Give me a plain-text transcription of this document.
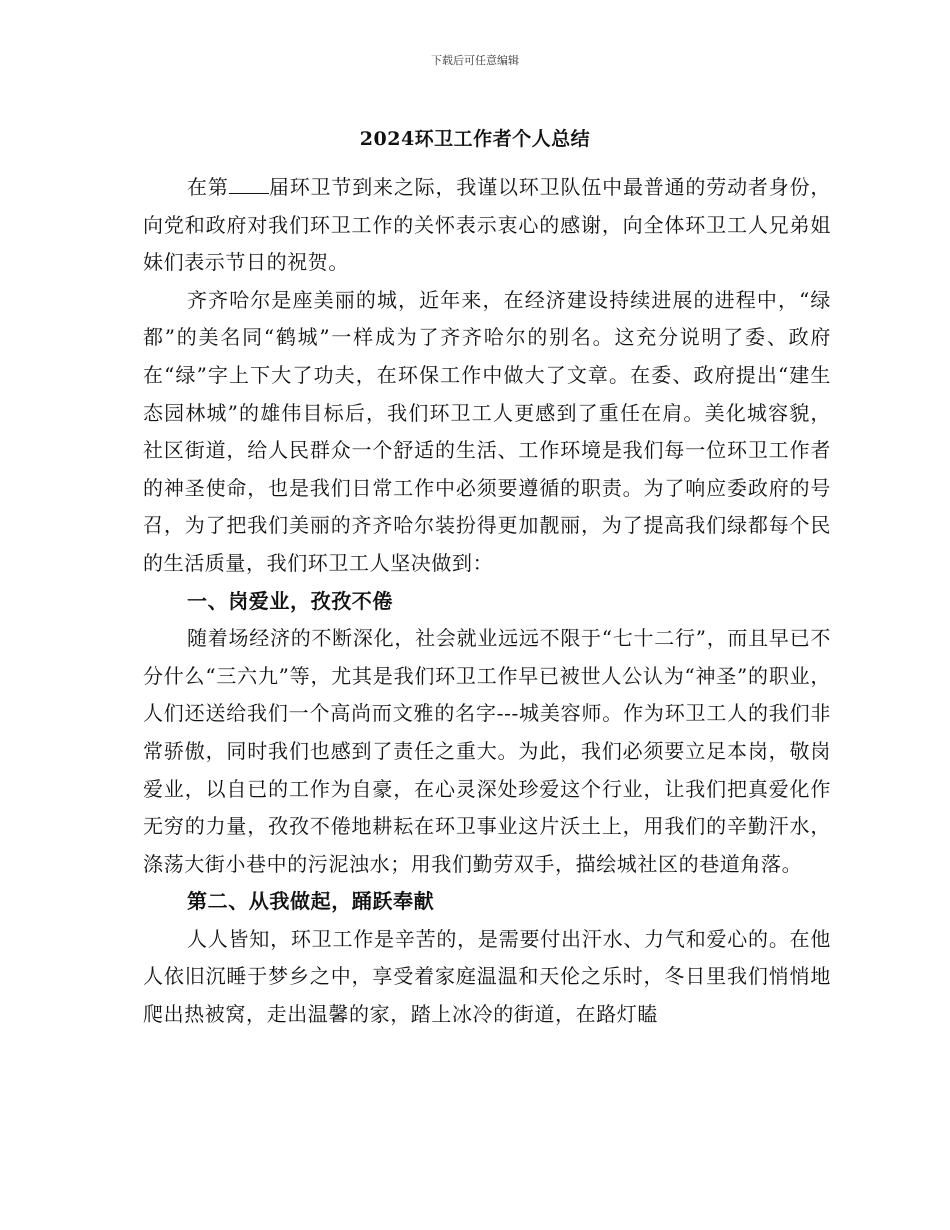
下载后可任意编辑
2024环卫工作者个人总结

在第 届环卫节到来之际，我谨以环卫队伍中最普通的劳动者身份，向党和政府对我们环卫工作的关怀表示衷心的感谢，向全体环卫工人兄弟姐妹们表示节日的祝贺。

齐齐哈尔是座美丽的城，近年来，在经济建设持续进展的进程中，“绿都”的美名同“鹤城”一样成为了齐齐哈尔的别名。这充分说明了委、政府在“绿”字上下大了功夫，在环保工作中做大了文章。在委、政府提出“建生态园林城”的雄伟目标后，我们环卫工人更感到了重任在肩。美化城容貌，社区街道，给人民群众一个舒适的生活、工作环境是我们每一位环卫工作者的神圣使命，也是我们日常工作中必须要遵循的职责。为了响应委政府的号召，为了把我们美丽的齐齐哈尔装扮得更加靓丽，为了提高我们绿都每个民的生活质量，我们环卫工人坚决做到：

一、岗爱业，孜孜不倦

随着场经济的不断深化，社会就业远远不限于“七十二行”，而且早已不分什么“三六九”等，尤其是我们环卫工作早已被世人公认为“神圣”的职业，人们还送给我们一个高尚而文雅的名字---城美容师。作为环卫工人的我们非常骄傲，同时我们也感到了责任之重大。为此，我们必须要立足本岗，敬岗爱业，以自已的工作为自豪，在心灵深处珍爱这个行业，让我们把真爱化作无穷的力量，孜孜不倦地耕耘在环卫事业这片沃土上，用我们的辛勤汗水，涤荡大街小巷中的污泥浊水；用我们勤劳双手，描绘城社区的巷道角落。

第二、从我做起，踊跃奉献

人人皆知，环卫工作是辛苦的，是需要付出汗水、力气和爱心的。在他人依旧沉睡于梦乡之中，享受着家庭温温和天伦之乐时，冬日里我们悄悄地爬出热被窝，走出温馨的家，踏上冰冷的街道，在路灯瞌
